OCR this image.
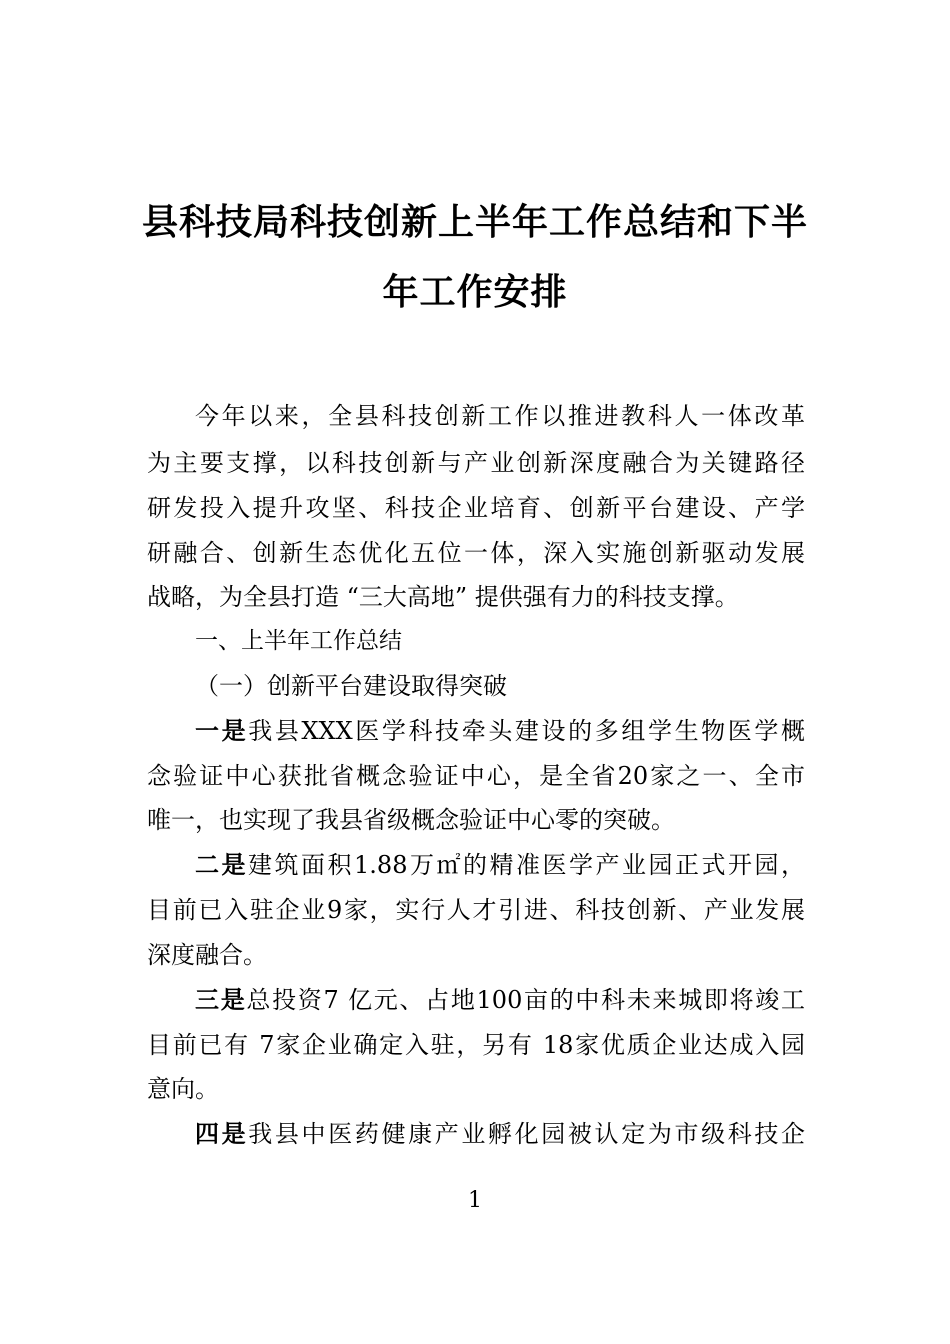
县科技局科技创新上半年工作总结和下半
年工作安排
今年以来，全县科技创新工作以推进教科人一体改革
为主要支撑，以科技创新与产业创新深度融合为关键路径
研发投入提升攻坚、科技企业培育、创新平台建设、产学
研融合、创新生态优化五位一体，深入实施创新驱动发展
战略，为全县打造 “三大高地” 提供强有力的科技支撑。
一、上半年工作总结
（一）创新平台建设取得突破
一是我县XXX医学科技牵头建设的多组学生物医学概
念验证中心获批省概念验证中心，是全省20家之一、全市
唯一，也实现了我县省级概念验证中心零的突破。
二是建筑面积1.88万㎡的精准医学产业园正式开园，
目前已入驻企业9家，实行人才引进、科技创新、产业发展
深度融合。
三是总投资7 亿元、占地100亩的中科未来城即将竣工
目前已有 7家企业确定入驻，另有 18家优质企业达成入园
意向。
四是我县中医药健康产业孵化园被认定为市级科技企
1
